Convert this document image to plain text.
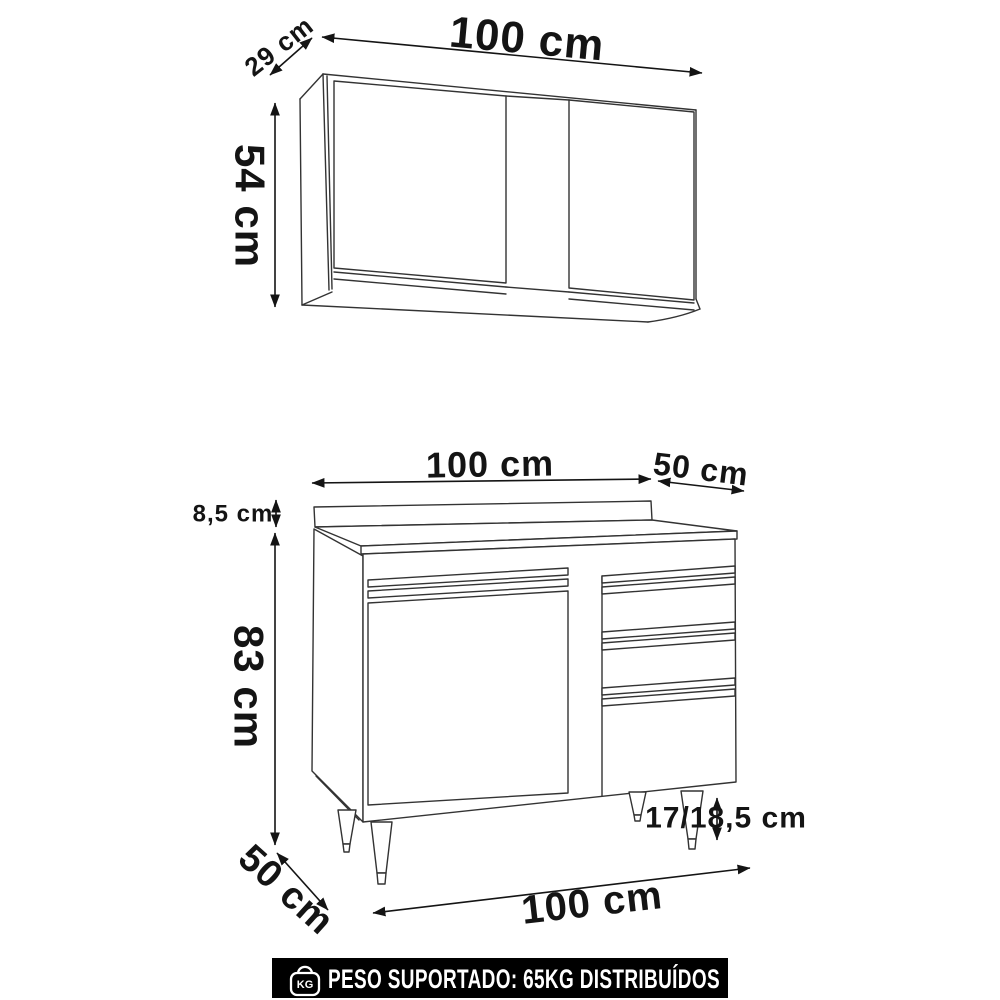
29 cm	100 cm
54 cm
100 cm	50 cm
8,5 cm
83 cm
50 cm	100 cm
17/18,5 cm
KG PESO SUPORTADO: 65KG DISTRIBUÍDOS
